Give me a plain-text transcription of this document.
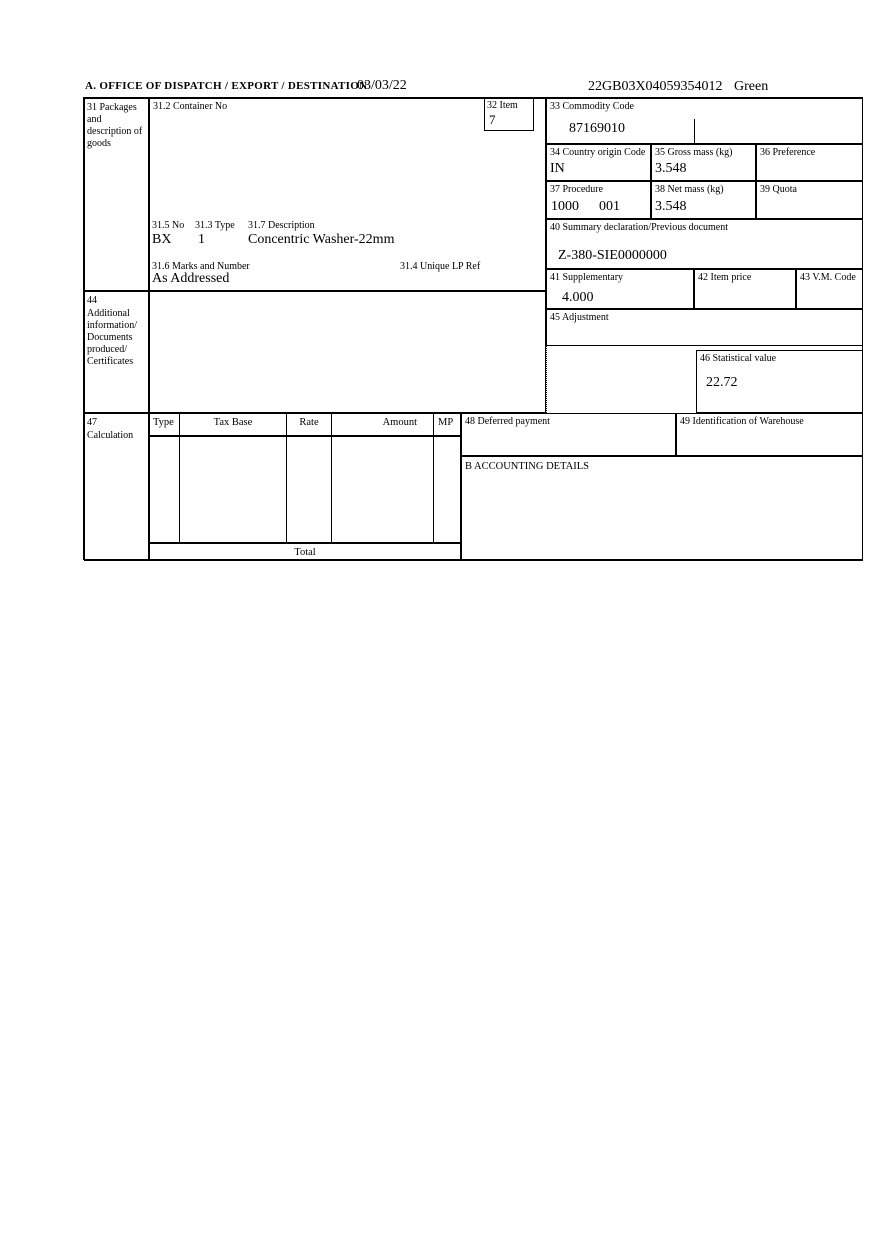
A. OFFICE OF DISPATCH / EXPORT / DESTINATION
03/03/22	22GB03X04059354012 Green
31 Packages and description of goods
44
Additional information/ Documents produced/ Certificates
47
Calculation
31.2 Container No
31.5 No 31.3 Type 31.7 Description
BX 1	Concentric Washer-22mm
31.6 Marks and Number	31.4 Unique LP Ref
As Addressed
32 Item
7
33 Commodity Code
87169010
34 Country origin Code
IN
35 Gross mass (kg)
3.548
36 Preference
37 Procedure
1000 001
38 Net mass (kg)
3.548
39 Quota
40 Summary declaration/Previous document
Z-380-SIE0000000
41 Supplementary
4.000
42 Item price	43 V.M. Code
45 Adjustment
46 Statistical value
22.72
Type	Tax Base	Rate	Amount	MP
Total
48 Deferred payment	49 Identification of Warehouse
B ACCOUNTING DETAILS
